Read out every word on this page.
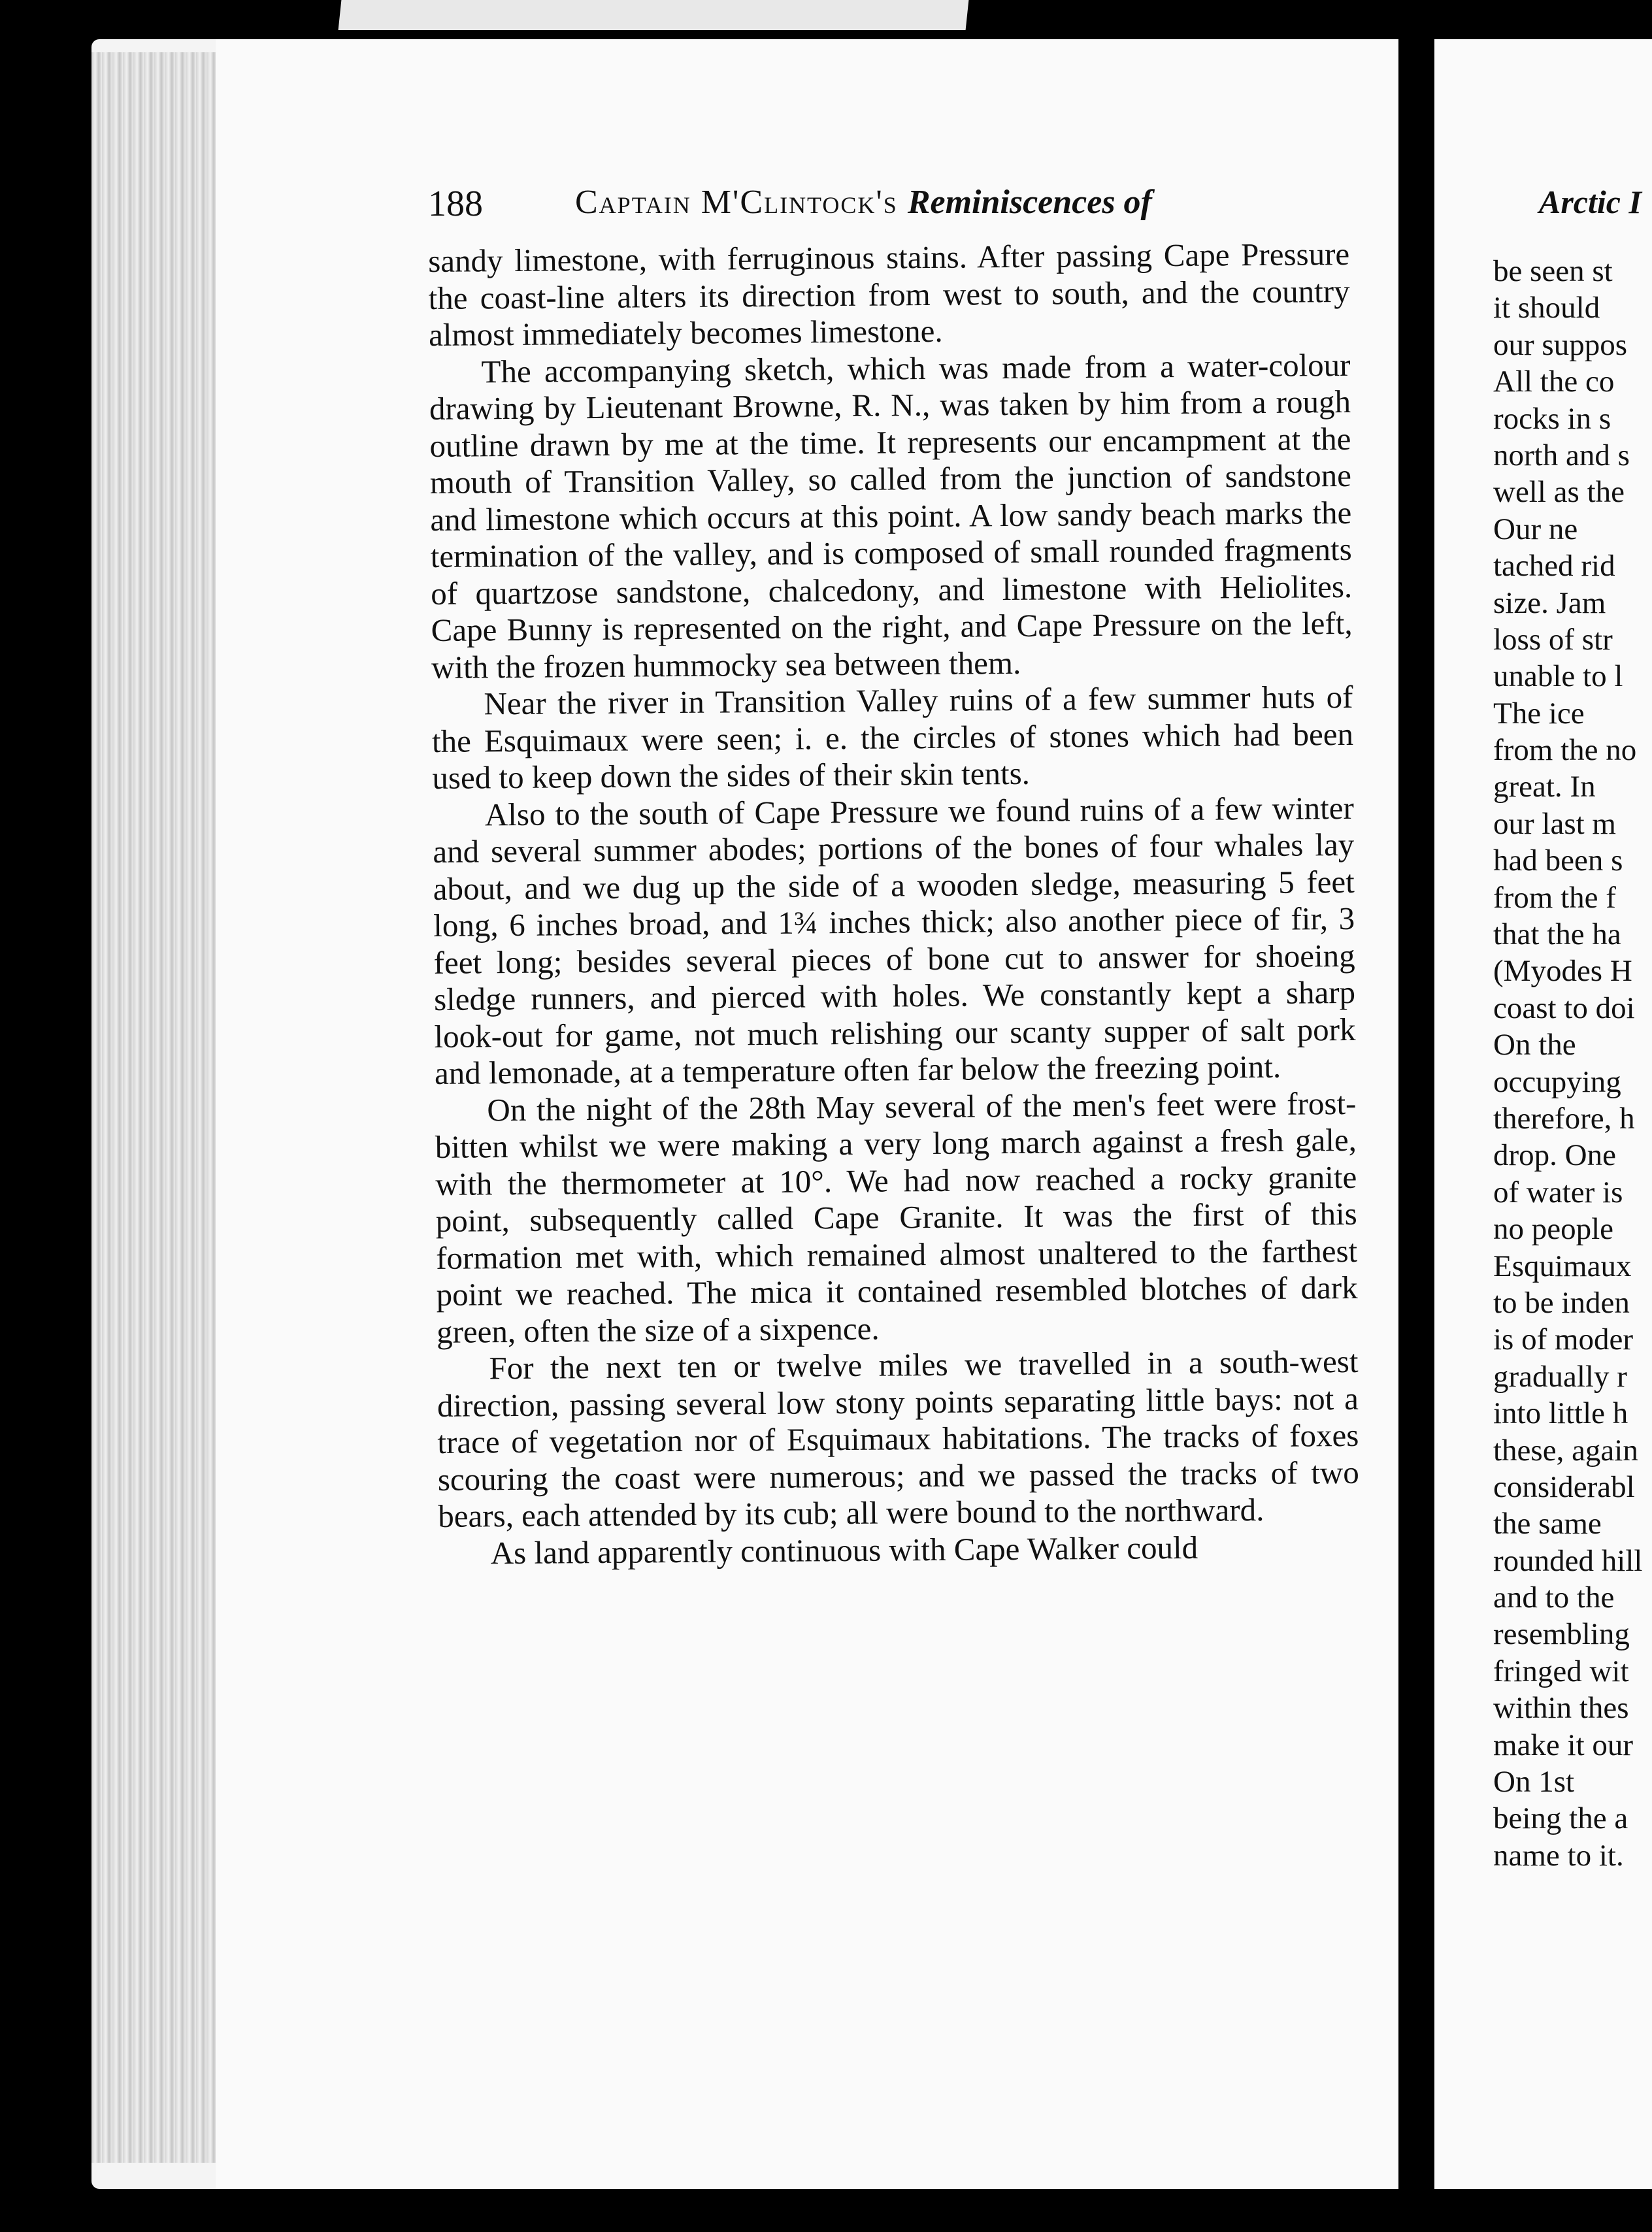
188	Captain M'Clintock's Reminiscences of

sandy limestone, with ferruginous stains. After passing Cape Pressure the coast-line alters its direction from west to south, and the country almost immediately becomes limestone.

The accompanying sketch, which was made from a water-colour drawing by Lieutenant Browne, R. N., was taken by him from a rough outline drawn by me at the time. It represents our encampment at the mouth of Transition Valley, so called from the junction of sandstone and limestone which occurs at this point. A low sandy beach marks the termination of the valley, and is composed of small rounded fragments of quartzose sandstone, chalcedony, and limestone with Heliolites. Cape Bunny is represented on the right, and Cape Pressure on the left, with the frozen hummocky sea between them.

Near the river in Transition Valley ruins of a few summer huts of the Esquimaux were seen; i. e. the circles of stones which had been used to keep down the sides of their skin tents.

Also to the south of Cape Pressure we found ruins of a few winter and several summer abodes; portions of the bones of four whales lay about, and we dug up the side of a wooden sledge, measuring 5 feet long, 6 inches broad, and 1¾ inches thick; also another piece of fir, 3 feet long; besides several pieces of bone cut to answer for shoeing sledge runners, and pierced with holes. We constantly kept a sharp look-out for game, not much relishing our scanty supper of salt pork and lemonade, at a temperature often far below the freezing point.

On the night of the 28th May several of the men's feet were frost-bitten whilst we were making a very long march against a fresh gale, with the thermometer at 10°. We had now reached a rocky granite point, subsequently called Cape Granite. It was the first of this formation met with, which remained almost unaltered to the farthest point we reached. The mica it contained resembled blotches of dark green, often the size of a sixpence.

For the next ten or twelve miles we travelled in a south-west direction, passing several low stony points separating little bays: not a trace of vegetation nor of Esquimaux habitations. The tracks of foxes scouring the coast were numerous; and we passed the tracks of two bears, each attended by its cub; all were bound to the northward.

As land apparently continuous with Cape Walker could

Arctic I
be seen st
it should
our suppos
All the co
rocks in s
north and s
well as the
Our ne
tached rid
size. Jam
loss of str
unable to l
The ice
from the no
great. In
our last m
had been s
from the f
that the ha
(Myodes H
coast to doi
On the
occupying
therefore, h
drop. One
of water is
no people
Esquimaux
to be inden
is of moder
gradually r
into little h
these, again
considerabl
the same
rounded hill
and to the
resembling
fringed wit
within thes
make it our
On 1st
being the a
name to it.
